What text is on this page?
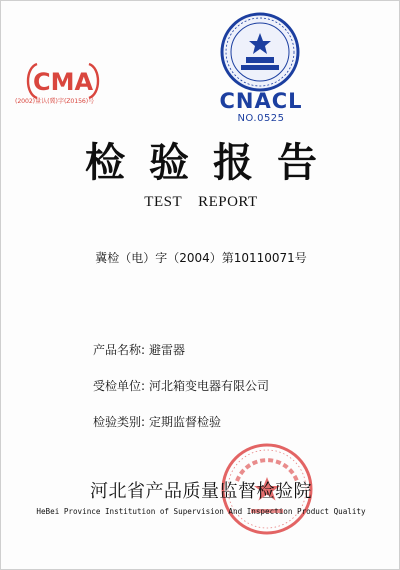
CMA
(2002)量认(冀)字(Z0156)号	CNACL
NO.0525
检验报告
TEST REPORT
冀检（电）字（2004）第10110071号
产品名称: 避雷器
受检单位: 河北箱变电器有限公司
检验类别: 定期监督检验
河北省产品质量监督检验院
HeBei Province Institution of Supervision And Inspection Product Quality
